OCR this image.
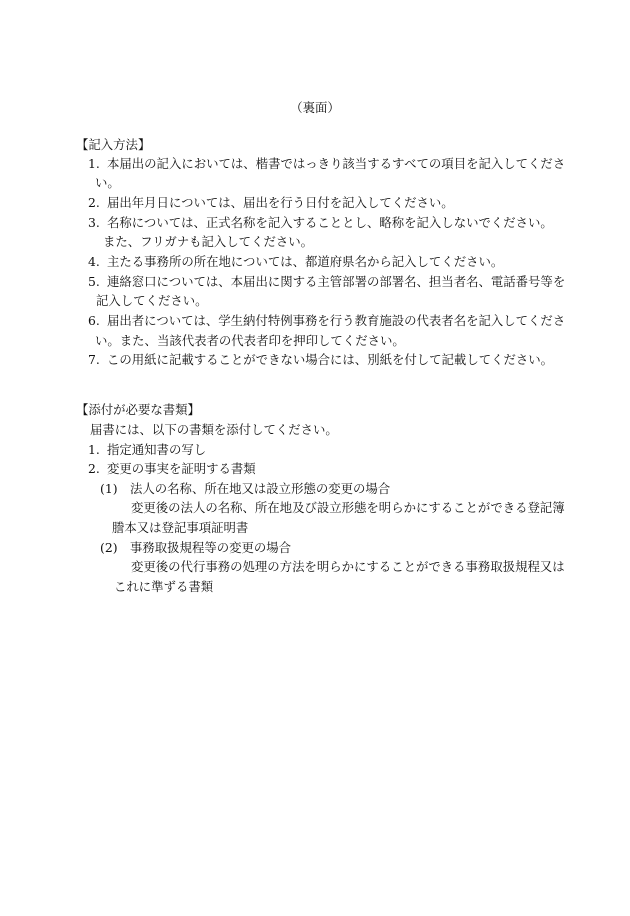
（裏面）
【記入方法】
1. 本届出の記入においては、楷書ではっきり該当するすべての項目を記入してくださ
い。
2. 届出年月日については、届出を行う日付を記入してください。
3. 名称については、正式名称を記入することとし、略称を記入しないでください。
また、フリガナも記入してください。
4. 主たる事務所の所在地については、都道府県名から記入してください。
5. 連絡窓口については、本届出に関する主管部署の部署名、担当者名、電話番号等を
記入してください。
6. 届出者については、学生納付特例事務を行う教育施設の代表者名を記入してくださ
い。また、当該代表者の代表者印を押印してください。
7. この用紙に記載することができない場合には、別紙を付して記載してください。
【添付が必要な書類】
届書には、以下の書類を添付してください。
1. 指定通知書の写し
2. 変更の事実を証明する書類
(1) 法人の名称、所在地又は設立形態の変更の場合
変更後の法人の名称、所在地及び設立形態を明らかにすることができる登記簿
謄本又は登記事項証明書
(2) 事務取扱規程等の変更の場合
変更後の代行事務の処理の方法を明らかにすることができる事務取扱規程又は
これに準ずる書類
